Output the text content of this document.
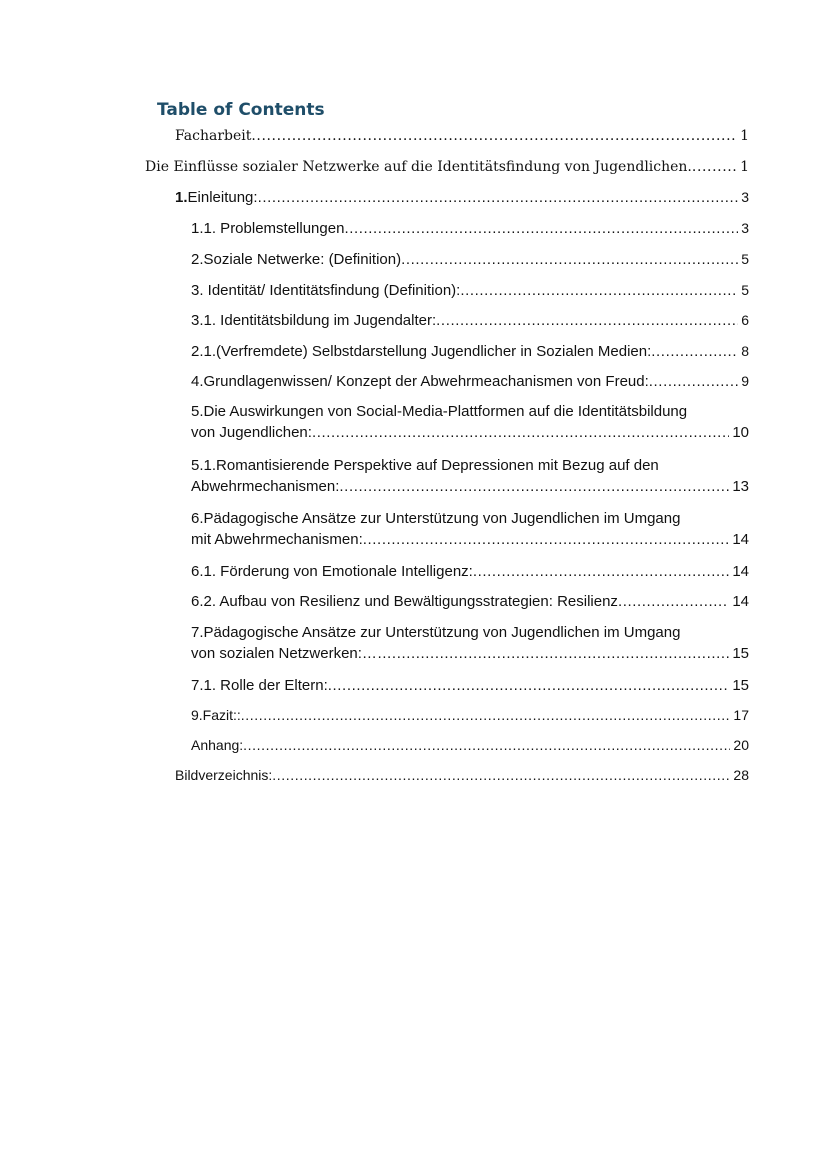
Table of Contents
Facharbeit .....	1
Die Einflüsse sozialer Netzwerke auf die Identitätsfindung von Jugendlichen. .....	1
1.Einleitung: .....	3
1.1. Problemstellungen .....	3
2.Soziale Netwerke: (Definition) .....	5
3. Identität/ Identitätsfindung (Definition): .....	5
3.1. Identitätsbildung im Jugendalter: .....	6
2.1.(Verfremdete) Selbstdarstellung Jugendlicher in Sozialen Medien: .....	8
4.Grundlagenwissen/ Konzept der Abwehrmeachanismen von Freud: .....	9
5.Die Auswirkungen von Social-Media-Plattformen auf die Identitätsbildung
von Jugendlichen: .....	10
5.1.Romantisierende Perspektive auf Depressionen mit Bezug auf den
Abwehrmechanismen: .....	13
6.Pädagogische Ansätze zur Unterstützung von Jugendlichen im Umgang
mit Abwehrmechanismen: .....	14
6.1. Förderung von Emotionale Intelligenz: .....	14
6.2. Aufbau von Resilienz und Bewältigungsstrategien: Resilienz .....	14
7.Pädagogische Ansätze zur Unterstützung von Jugendlichen im Umgang
von sozialen Netzwerken:…… .....	15
7.1. Rolle der Eltern: .....	15
9.Fazit:: .....	17
Anhang: .....	20
Bildverzeichnis: .....	28
